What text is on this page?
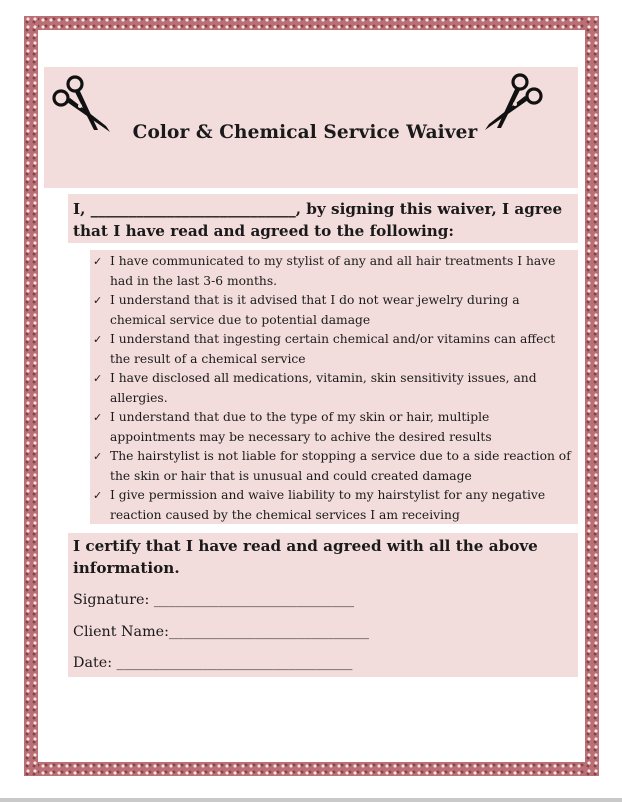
Color & Chemical Service Waiver
I, ___________________________, by signing this waiver, I agree that I have read and agreed to the following:
✓ I have communicated to my stylist of any and all hair treatments I have had in the last 3-6 months.
✓ I understand that is it advised that I do not wear jewelry during a chemical service due to potential damage
✓ I understand that ingesting certain chemical and/or vitamins can affect the result of a chemical service
✓ I have disclosed all medications, vitamin, skin sensitivity issues, and allergies.
✓ I understand that due to the type of my skin or hair, multiple appointments may be necessary to achive the desired results
✓ The hairstylist is not liable for stopping a service due to a side reaction of the skin or hair that is unusual and could created damage
✓ I give permission and waive liability to my hairstylist for any negative reaction caused by the chemical services I am receiving
I certify that I have read and agreed with all the above information.
Signature: ____________________________
Client Name:____________________________
Date: _________________________________
